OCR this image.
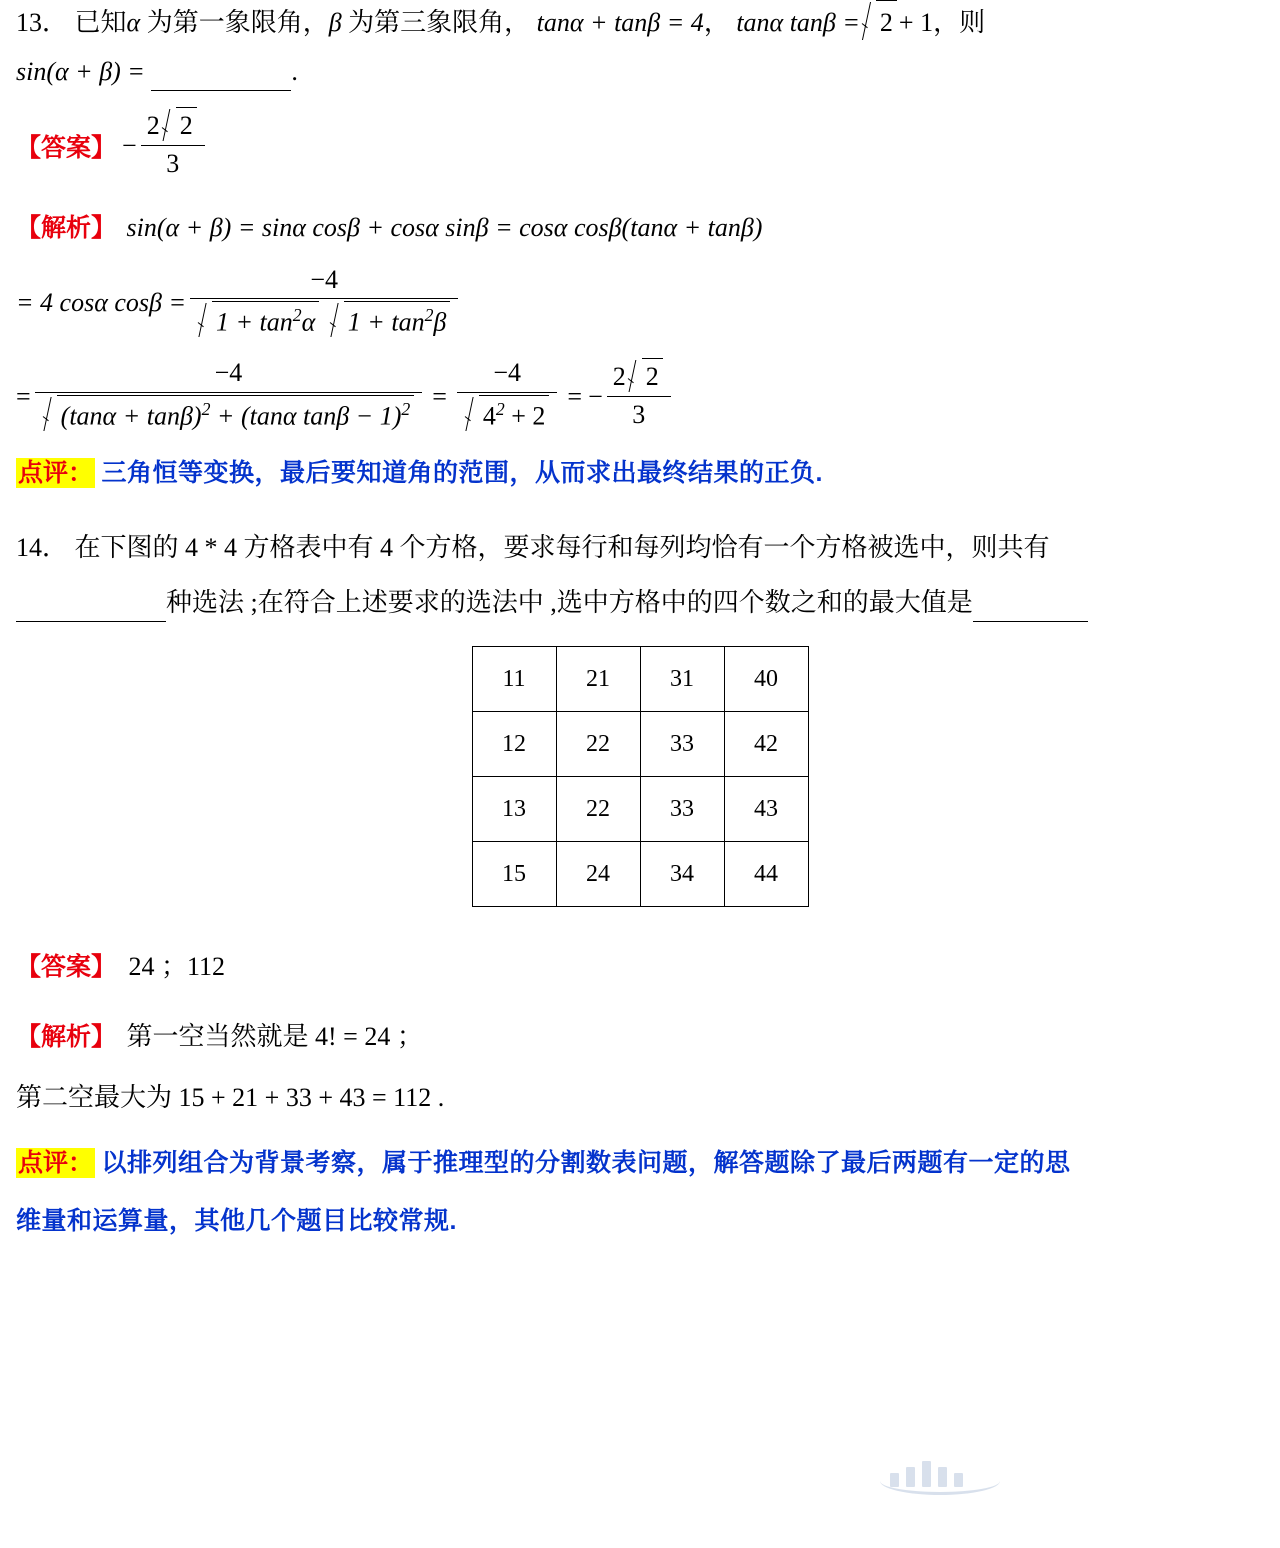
13． 已知α 为第一象限角，β 为第三象限角， tanα + tanβ = 4， tanα tanβ = 2 + 1，则
sin(α + β) =	.
【答案】 − $\frac{2 2}{3}$
【解析】 sin(α + β) = sinα cosβ + cosα sinβ = cosα cosβ(tanα + tanβ)
= 4 cosα $\cos\beta = \frac{-4}{1 + \tan^2\alpha 1 + \tan^2\beta}$
= $\frac{-4}{(\tan\alpha + \tan\beta)^2 + (\tan\alpha \tan\beta - 1)^2} = \frac{-4}{4^2 + 2}$ = − $\frac{2 2}{3}$
点评： 三角恒等变换，最后要知道角的范围，从而求出最终结果的正负.
14． 在下图的 4 * 4 方格表中有 4 个方格，要求每行和每列均恰有一个方格被选中，则共有
种选法 ;在符合上述要求的选法中 ,选中方格中的四个数之和的最大值是
11	21	31	40
12	22	33	42
13	22	33	43
15	24	34	44
【答案】 24 ；112
【解析】 第一空当然就是 4! = 24 ；
第二空最大为 15 + 21 + 33 + 43 = 112 .
点评： 以排列组合为背景考察，属于推理型的分割数表问题，解答题除了最后两题有一定的思
维量和运算量，其他几个题目比较常规.
